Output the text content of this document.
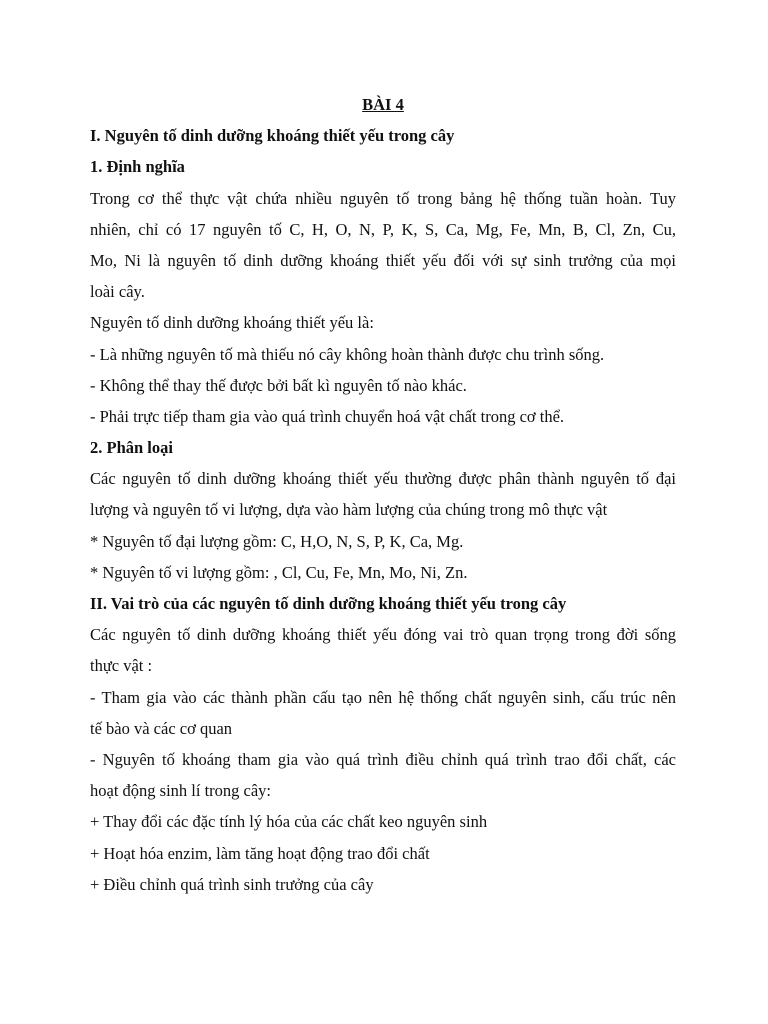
BÀI 4

I. Nguyên tố dinh dưỡng khoáng thiết yếu trong cây

1. Định nghĩa

Trong cơ thể thực vật chứa nhiều nguyên tố trong bảng hệ thống tuần hoàn. Tuy

nhiên, chỉ có 17 nguyên tố C, H, O, N, P, K, S, Ca, Mg, Fe, Mn, B, Cl, Zn, Cu,

Mo, Ni là nguyên tố dinh dưỡng khoáng thiết yếu đối với sự sinh trưởng của mọi

loài cây.

Nguyên tố dinh dưỡng khoáng thiết yếu là:

- Là những nguyên tố mà thiếu nó cây không hoàn thành được chu trình sống.

- Không thể thay thế được bởi bất kì nguyên tố nào khác.

- Phải trực tiếp tham gia vào quá trình chuyển hoá vật chất trong cơ thể.

2. Phân loại

Các nguyên tố dinh dưỡng khoáng thiết yếu thường được phân thành nguyên tố đại

lượng và nguyên tố vi lượng, dựa vào hàm lượng của chúng trong mô thực vật

* Nguyên tố đại lượng gồm: C, H,O, N, S, P, K, Ca, Mg.

* Nguyên tố vi lượng gồm: , Cl, Cu, Fe, Mn, Mo, Ni, Zn.

II. Vai trò của các nguyên tố dinh dưỡng khoáng thiết yếu trong cây

Các nguyên tố dinh dưỡng khoáng thiết yếu đóng vai trò quan trọng trong đời sống

thực vật :

- Tham gia vào các thành phần cấu tạo nên hệ thống chất nguyên sinh, cấu trúc nên

tế bào và các cơ quan

- Nguyên tố khoáng tham gia vào quá trình điều chỉnh quá trình trao đổi chất, các

hoạt động sinh lí trong cây:

+ Thay đổi các đặc tính lý hóa của các chất keo nguyên sinh

+ Hoạt hóa enzim, làm tăng hoạt động trao đổi chất

+ Điều chỉnh quá trình sinh trưởng của cây
